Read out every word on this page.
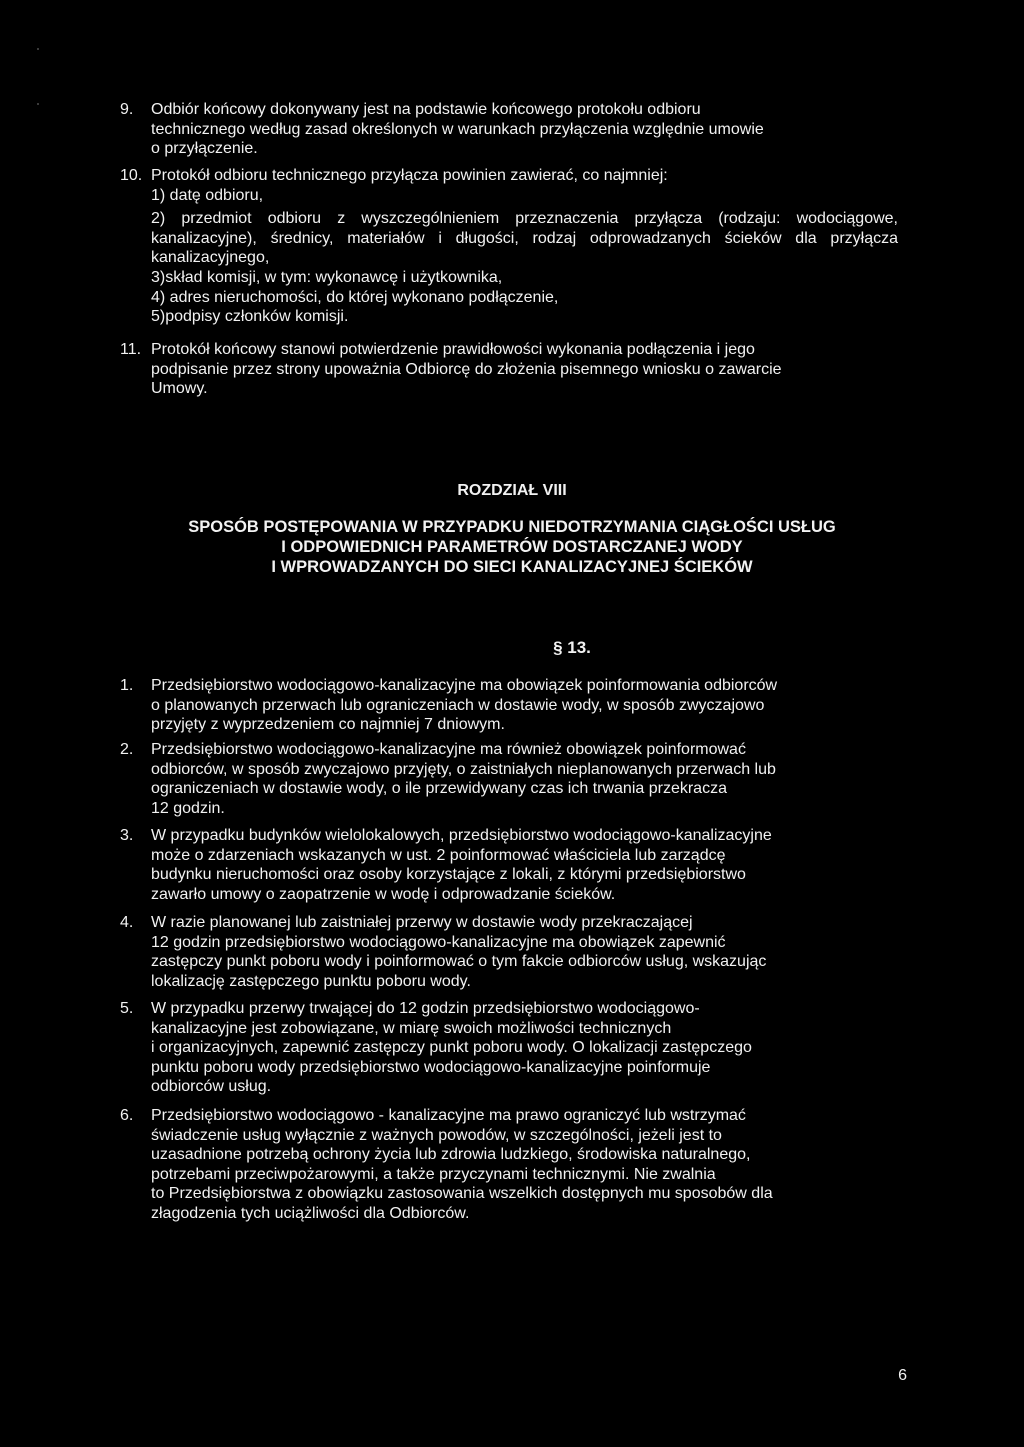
9. Odbiór końcowy dokonywany jest na podstawie końcowego protokołu odbioru

technicznego według zasad określonych w warunkach przyłączenia względnie umowie

o przyłączenie.

10. Protokół odbioru technicznego przyłącza powinien zawierać, co najmniej:

1) datę odbioru,

2) przedmiot odbioru z wyszczególnieniem przeznaczenia przyłącza (rodzaju: wodociągowe, kanalizacyjne), średnicy, materiałów i długości, rodzaj odprowadzanych ścieków dla przyłącza kanalizacyjnego,

3)skład komisji, w tym: wykonawcę i użytkownika,

4) adres nieruchomości, do której wykonano podłączenie,

5)podpisy członków komisji.

11. Protokół końcowy stanowi potwierdzenie prawidłowości wykonania podłączenia i jego

podpisanie przez strony upoważnia Odbiorcę do złożenia pisemnego wniosku o zawarcie

Umowy.

ROZDZIAŁ VIII
SPOSÓB POSTĘPOWANIA W PRZYPADKU NIEDOTRZYMANIA CIĄGŁOŚCI USŁUG
I ODPOWIEDNICH PARAMETRÓW DOSTARCZANEJ WODY
I WPROWADZANYCH DO SIECI KANALIZACYJNEJ ŚCIEKÓW
§ 13.
1. Przedsiębiorstwo wodociągowo-kanalizacyjne ma obowiązek poinformowania odbiorców

o planowanych przerwach lub ograniczeniach w dostawie wody, w sposób zwyczajowo

przyjęty z wyprzedzeniem co najmniej 7 dniowym.

2. Przedsiębiorstwo wodociągowo-kanalizacyjne ma również obowiązek poinformować

odbiorców, w sposób zwyczajowo przyjęty, o zaistniałych nieplanowanych przerwach lub

ograniczeniach w dostawie wody, o ile przewidywany czas ich trwania przekracza

12 godzin.

3. W przypadku budynków wielolokalowych, przedsiębiorstwo wodociągowo-kanalizacyjne

może o zdarzeniach wskazanych w ust. 2 poinformować właściciela lub zarządcę

budynku nieruchomości oraz osoby korzystające z lokali, z którymi przedsiębiorstwo

zawarło umowy o zaopatrzenie w wodę i odprowadzanie ścieków.

4. W razie planowanej lub zaistniałej przerwy w dostawie wody przekraczającej

12 godzin przedsiębiorstwo wodociągowo-kanalizacyjne ma obowiązek zapewnić

zastępczy punkt poboru wody i poinformować o tym fakcie odbiorców usług, wskazując

lokalizację zastępczego punktu poboru wody.

5. W przypadku przerwy trwającej do 12 godzin przedsiębiorstwo wodociągowo-

kanalizacyjne jest zobowiązane, w miarę swoich możliwości technicznych

i organizacyjnych, zapewnić zastępczy punkt poboru wody. O lokalizacji zastępczego

punktu poboru wody przedsiębiorstwo wodociągowo-kanalizacyjne poinformuje

odbiorców usług.

6. Przedsiębiorstwo wodociągowo - kanalizacyjne ma prawo ograniczyć lub wstrzymać

świadczenie usług wyłącznie z ważnych powodów, w szczególności, jeżeli jest to

uzasadnione potrzebą ochrony życia lub zdrowia ludzkiego, środowiska naturalnego,

potrzebami przeciwpożarowymi, a także przyczynami technicznymi. Nie zwalnia

to Przedsiębiorstwa z obowiązku zastosowania wszelkich dostępnych mu sposobów dla

złagodzenia tych uciążliwości dla Odbiorców.

6
